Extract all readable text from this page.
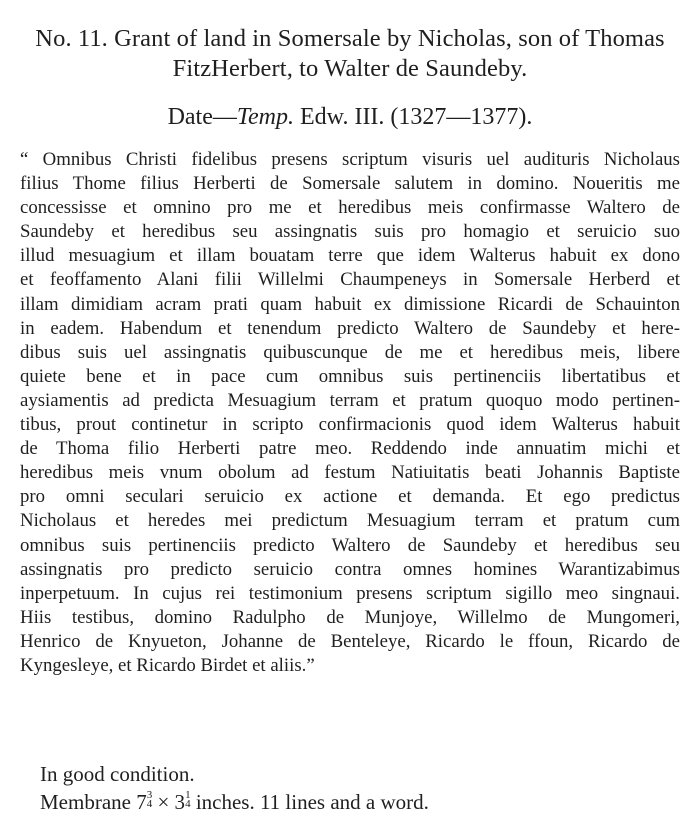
No. 11. Grant of land in Somersale by Nicholas, son of Thomas
FitzHerbert, to Walter de Saundeby.
Date—Temp. Edw. III. (1327—1377).
“ Omnibus Christi fidelibus presens scriptum visuris uel audituris Nicholaus
filius Thome filius Herberti de Somersale salutem in domino. Noueritis me
concessisse et omnino pro me et heredibus meis confirmasse Waltero de
Saundeby et heredibus seu assingnatis suis pro homagio et seruicio suo
illud mesuagium et illam bouatam terre que idem Walterus habuit ex dono
et feoffamento Alani filii Willelmi Chaumpeneys in Somersale Herberd et
illam dimidiam acram prati quam habuit ex dimissione Ricardi de Schauinton
in eadem. Habendum et tenendum predicto Waltero de Saundeby et here-
dibus suis uel assingnatis quibuscunque de me et heredibus meis, libere
quiete bene et in pace cum omnibus suis pertinenciis libertatibus et
aysiamentis ad predicta Mesuagium terram et pratum quoquo modo pertinen-
tibus, prout continetur in scripto confirmacionis quod idem Walterus habuit
de Thoma filio Herberti patre meo. Reddendo inde annuatim michi et
heredibus meis vnum obolum ad festum Natiuitatis beati Johannis Baptiste
pro omni seculari seruicio ex actione et demanda. Et ego predictus
Nicholaus et heredes mei predictum Mesuagium terram et pratum cum
omnibus suis pertinenciis predicto Waltero de Saundeby et heredibus seu
assingnatis pro predicto seruicio contra omnes homines Warantizabimus
inperpetuum. In cujus rei testimonium presens scriptum sigillo meo singnaui.
Hiis testibus, domino Radulpho de Munjoye, Willelmo de Mungomeri,
Henrico de Knyueton, Johanne de Benteleye, Ricardo le ffoun, Ricardo de
Kyngesleye, et Ricardo Birdet et aliis.”
In good condition.
Membrane 7 3
4 × 3 1
4 inches. 11 lines and a word.
